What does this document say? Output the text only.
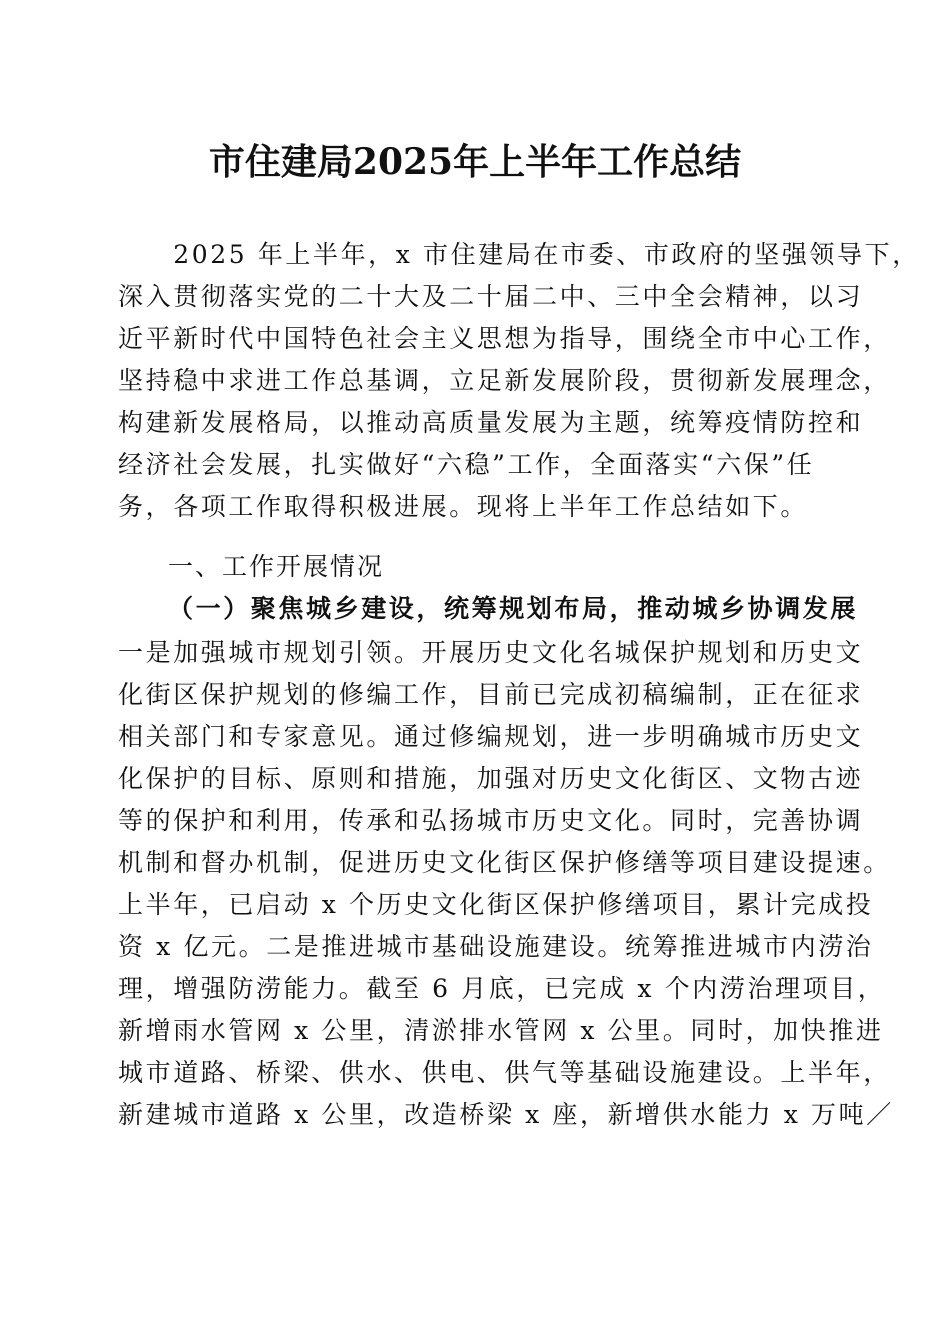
市住建局2025年上半年工作总结
　　2025 年上半年，x 市住建局在市委、市政府的坚强领导下，
深入贯彻落实党的二十大及二十届二中、三中全会精神，以习
近平新时代中国特色社会主义思想为指导，围绕全市中心工作，
坚持稳中求进工作总基调，立足新发展阶段，贯彻新发展理念，
构建新发展格局，以推动高质量发展为主题，统筹疫情防控和
经济社会发展，扎实做好“六稳”工作，全面落实“六保”任
务，各项工作取得积极进展。现将上半年工作总结如下。
一、工作开展情况
（一）聚焦城乡建设，统筹规划布局，推动城乡协调发展
一是加强城市规划引领。开展历史文化名城保护规划和历史文
化街区保护规划的修编工作，目前已完成初稿编制，正在征求
相关部门和专家意见。通过修编规划，进一步明确城市历史文
化保护的目标、原则和措施，加强对历史文化街区、文物古迹
等的保护和利用，传承和弘扬城市历史文化。同时，完善协调
机制和督办机制，促进历史文化街区保护修缮等项目建设提速。
上半年，已启动 x 个历史文化街区保护修缮项目，累计完成投
资 x 亿元。二是推进城市基础设施建设。统筹推进城市内涝治
理，增强防涝能力。截至 6 月底，已完成 x 个内涝治理项目，
新增雨水管网 x 公里，清淤排水管网 x 公里。同时，加快推进
城市道路、桥梁、供水、供电、供气等基础设施建设。上半年，
新建城市道路 x 公里，改造桥梁 x 座，新增供水能力 x 万吨／
